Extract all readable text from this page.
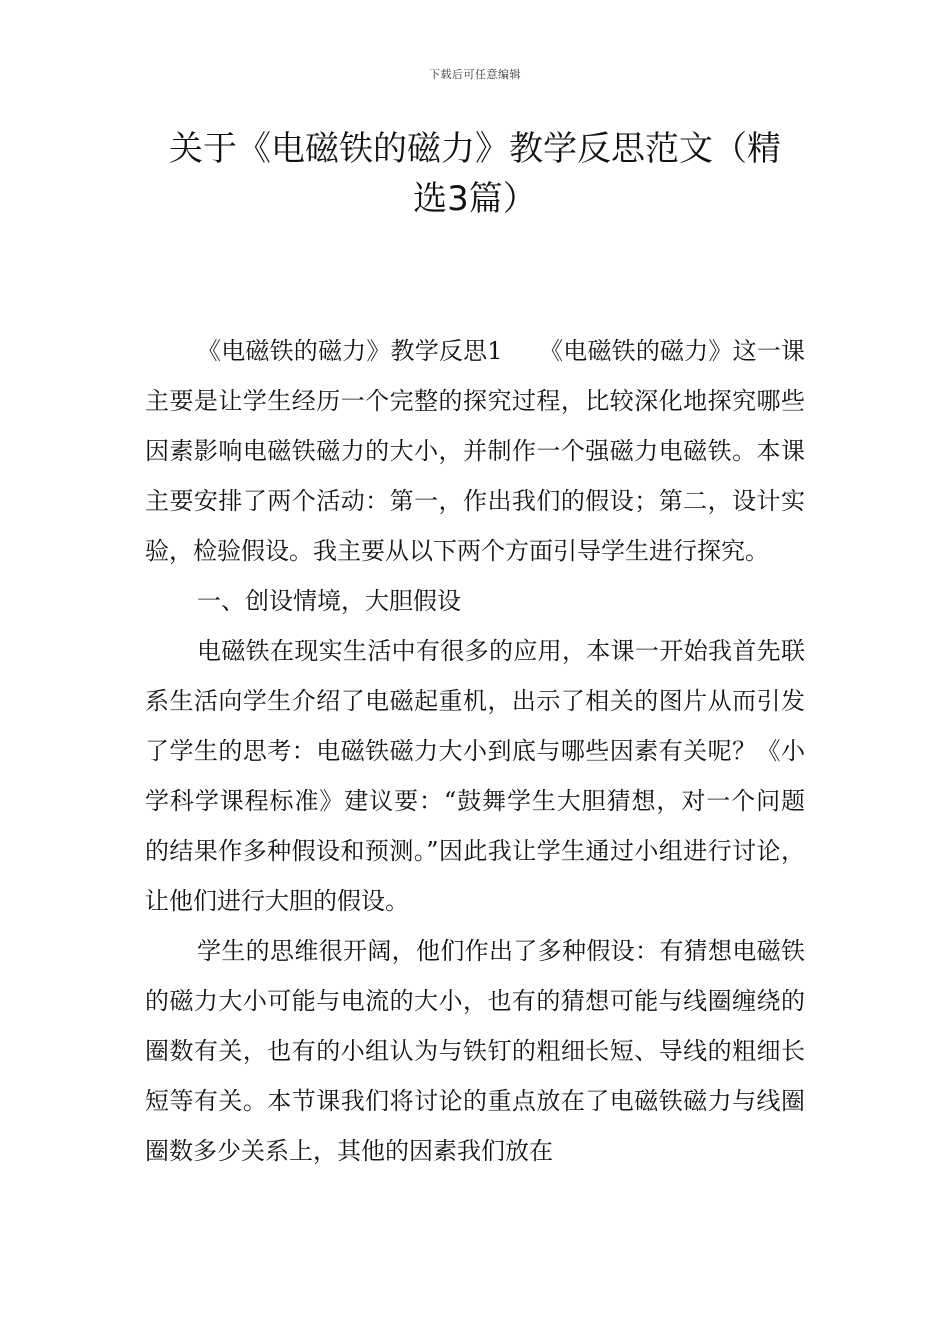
下载后可任意编辑
关于《电磁铁的磁力》教学反思范文（精
选3篇）

《电磁铁的磁力》教学反思1　　《电磁铁的磁力》这一课主要是让学生经历一个完整的探究过程，比较深化地探究哪些因素影响电磁铁磁力的大小，并制作一个强磁力电磁铁。本课主要安排了两个活动：第一，作出我们的假设；第二，设计实验，检验假设。我主要从以下两个方面引导学生进行探究。

一、创设情境，大胆假设

电磁铁在现实生活中有很多的应用，本课一开始我首先联系生活向学生介绍了电磁起重机，出示了相关的图片从而引发了学生的思考：电磁铁磁力大小到底与哪些因素有关呢？《小学科学课程标准》建议要：“鼓舞学生大胆猜想，对一个问题的结果作多种假设和预测。”因此我让学生通过小组进行讨论，让他们进行大胆的假设。

学生的思维很开阔，他们作出了多种假设：有猜想电磁铁的磁力大小可能与电流的大小，也有的猜想可能与线圈缠绕的圈数有关，也有的小组认为与铁钉的粗细长短、导线的粗细长短等有关。本节课我们将讨论的重点放在了电磁铁磁力与线圈圈数多少关系上，其他的因素我们放在
